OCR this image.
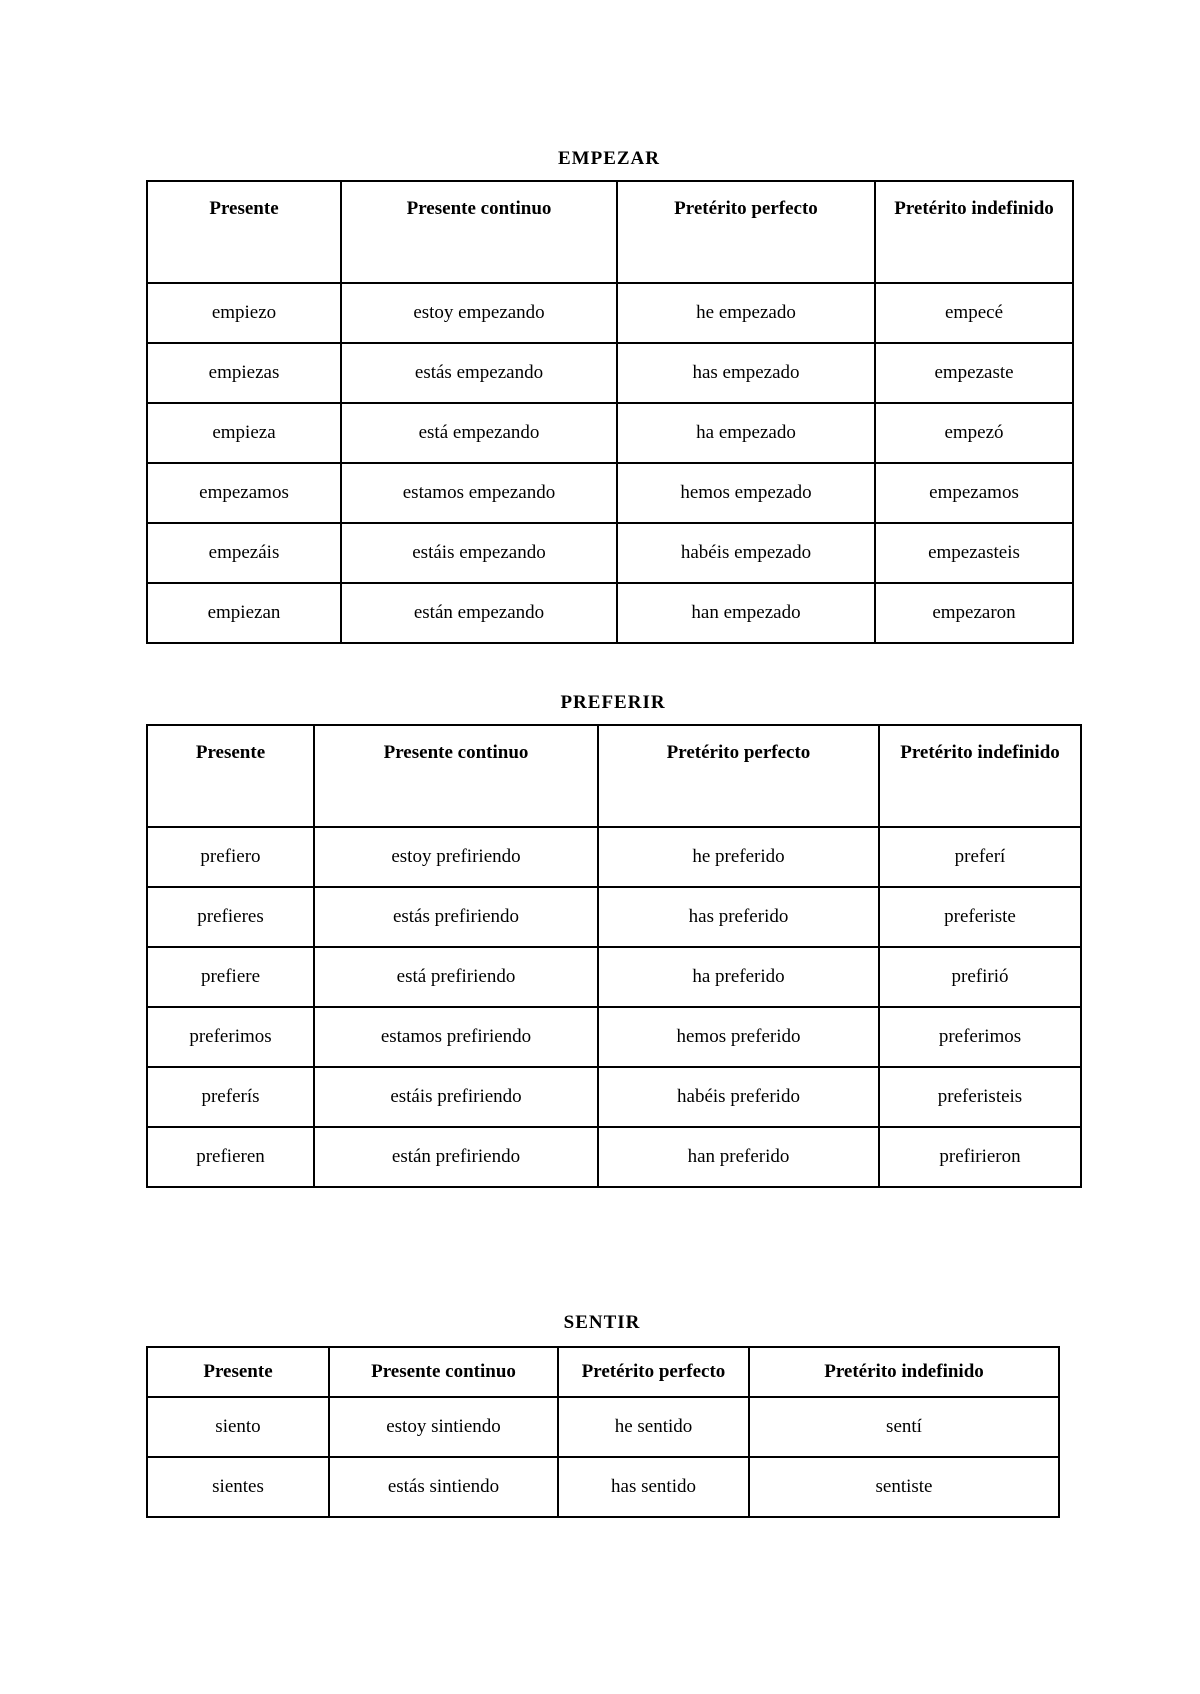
EMPEZAR
Presente	Presente continuo	Pretérito perfecto	Pretérito indefinido
empiezo	estoy empezando	he empezado	empecé
empiezas	estás empezando	has empezado	empezaste
empieza	está empezando	ha empezado	empezó
empezamos	estamos empezando	hemos empezado	empezamos
empezáis	estáis empezando	habéis empezado	empezasteis
empiezan	están empezando	han empezado	empezaron
PREFERIR
Presente	Presente continuo	Pretérito perfecto	Pretérito indefinido
prefiero	estoy prefiriendo	he preferido	preferí
prefieres	estás prefiriendo	has preferido	preferiste
prefiere	está prefiriendo	ha preferido	prefirió
preferimos	estamos prefiriendo	hemos preferido	preferimos
preferís	estáis prefiriendo	habéis preferido	preferisteis
prefieren	están prefiriendo	han preferido	prefirieron
SENTIR
Presente	Presente continuo	Pretérito perfecto	Pretérito indefinido
siento	estoy sintiendo	he sentido	sentí
sientes	estás sintiendo	has sentido	sentiste
